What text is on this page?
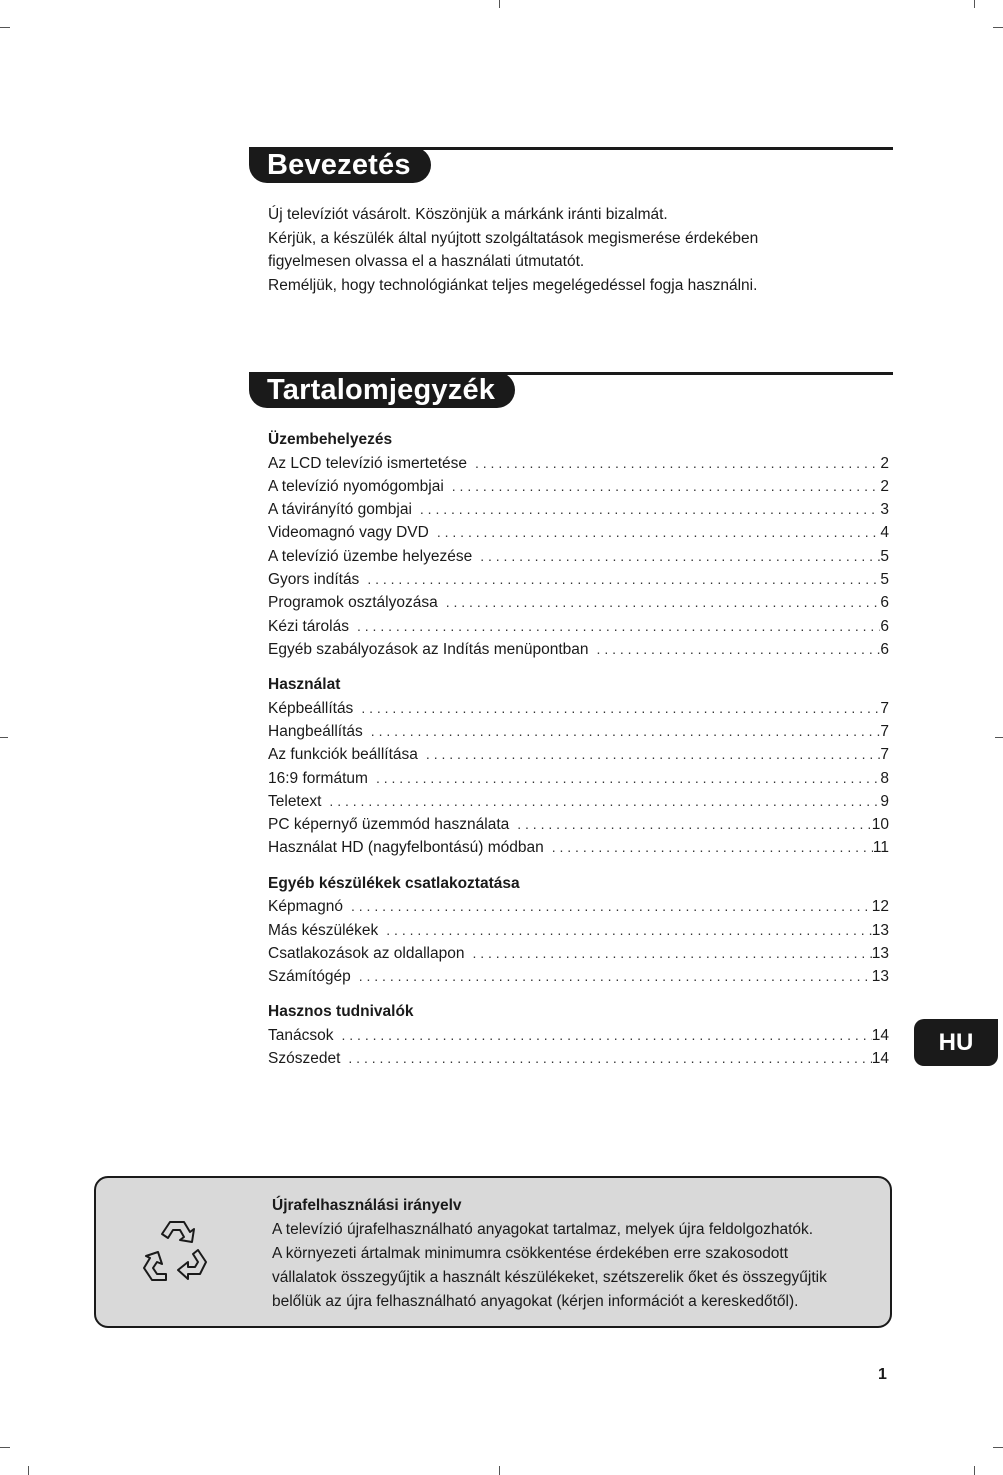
Bevezetés

Új televíziót vásárolt. Köszönjük a márkánk iránti bizalmát.

Kérjük, a készülék által nyújtott szolgáltatások megismerése érdekében

figyelmesen olvassa el a használati útmutatót.

Reméljük, hogy technológiánkat teljes megelégedéssel fogja használni.

Tartalomjegyzék
Üzembehelyezés
Az LCD televízió ismertetése . . .	2
A televízió nyomógombjai . . .	2
A távirányító gombjai . . .	3
Videomagnó vagy DVD . . .	4
A televízió üzembe helyezése . . .	5
Gyors indítás . . .	5
Programok osztályozása . . .	6
Kézi tárolás . . .	6
Egyéb szabályozások az Indítás menüpontban . . .	6
Használat
Képbeállítás . . .	7
Hangbeállítás . . .	7
Az funkciók beállítása . . .	7
16:9 formátum . . .	8
Teletext . . .	9
PC képernyő üzemmód használata . . .	10
Használat HD (nagyfelbontású) módban . . .	11
Egyéb készülékek csatlakoztatása
Képmagnó . . .	12
Más készülékek . . .	13
Csatlakozások az oldallapon . . .	13
Számítógép . . .	13
Hasznos tudnivalók
Tanácsok . . .	14
Szószedet . . .	14
HU

Újrafelhasználási irányelv

A televízió újrafelhasználható anyagokat tartalmaz, melyek újra feldolgozhatók.

A környezeti ártalmak minimumra csökkentése érdekében erre szakosodott

vállalatok összegyűjtik a használt készülékeket, szétszerelik őket és összegyűjtik

belőlük az újra felhasználható anyagokat (kérjen információt a kereskedőtől).

1
